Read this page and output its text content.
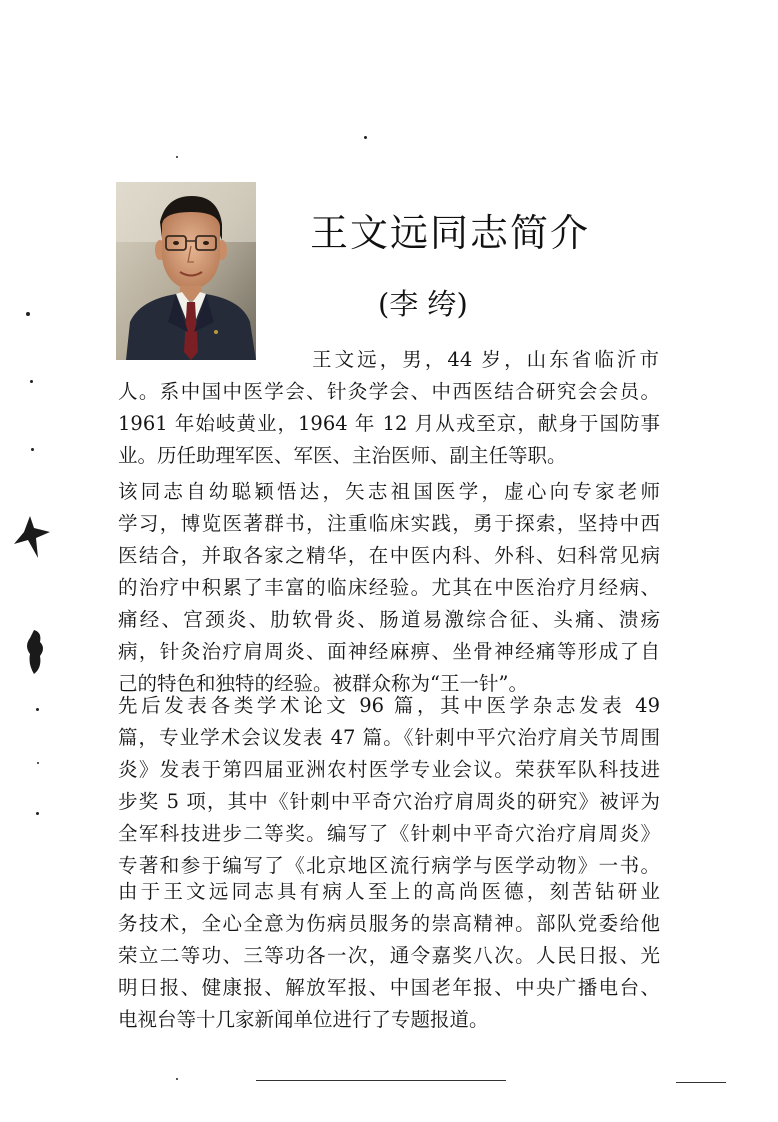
王文远同志简介
(李 绔)
王文远，男，44 岁，山东省临沂市
人。系中国中医学会、针灸学会、中西医结合研究会会员。
1961 年始岐黄业，1964 年 12 月从戎至京，献身于国防事
业。历任助理军医、军医、主治医师、副主任等职。
该同志自幼聪颖悟达，矢志祖国医学，虚心向专家老师
学习，博览医著群书，注重临床实践，勇于探索，坚持中西
医结合，并取各家之精华，在中医内科、外科、妇科常见病
的治疗中积累了丰富的临床经验。尤其在中医治疗月经病、
痛经、宫颈炎、肋软骨炎、肠道易激综合征、头痛、溃疡
病，针灸治疗肩周炎、面神经麻痹、坐骨神经痛等形成了自
己的特色和独特的经验。被群众称为“王一针”。
先后发表各类学术论文 96 篇，其中医学杂志发表 49
篇，专业学术会议发表 47 篇。《针刺中平穴治疗肩关节周围
炎》发表于第四届亚洲农村医学专业会议。荣获军队科技进
步奖 5 项，其中《针刺中平奇穴治疗肩周炎的研究》被评为
全军科技进步二等奖。编写了《针刺中平奇穴治疗肩周炎》
专著和参于编写了《北京地区流行病学与医学动物》一书。
由于王文远同志具有病人至上的高尚医德，刻苦钻研业
务技术，全心全意为伤病员服务的崇高精神。部队党委给他
荣立二等功、三等功各一次，通令嘉奖八次。人民日报、光
明日报、健康报、解放军报、中国老年报、中央广播电台、
电视台等十几家新闻单位进行了专题报道。
